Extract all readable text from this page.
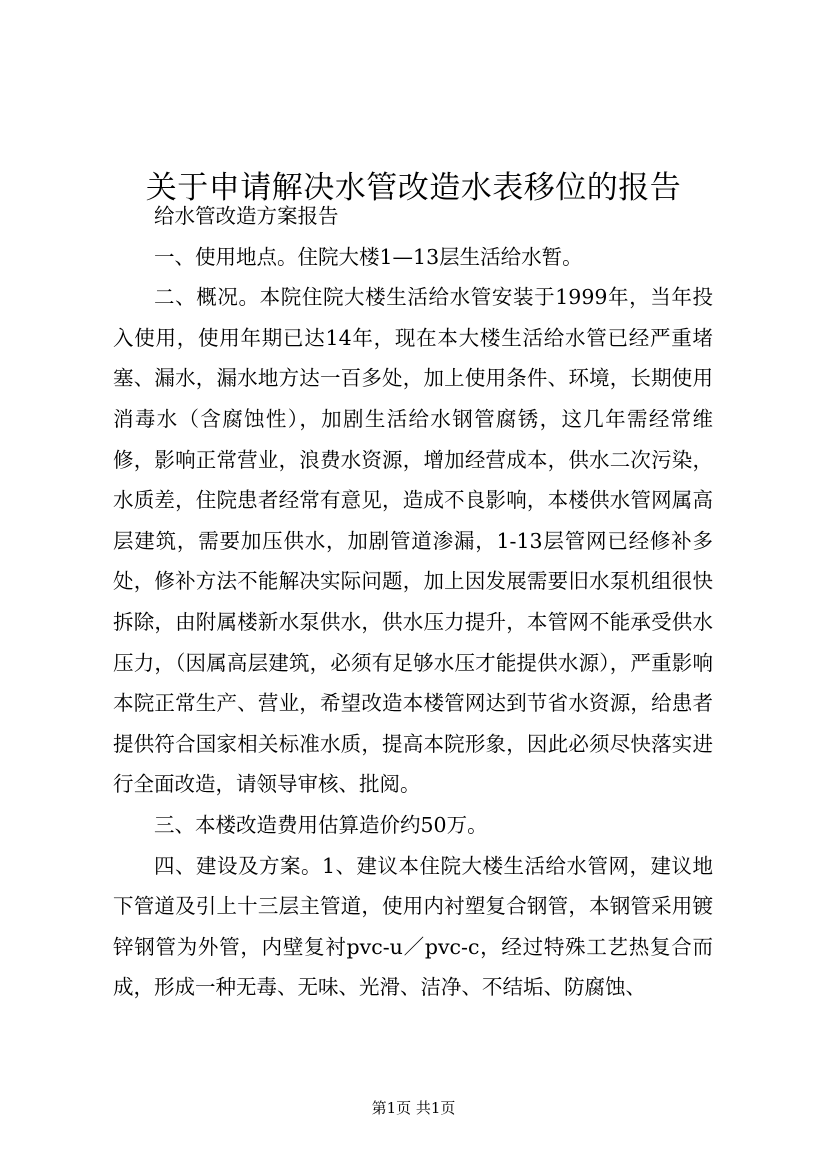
关于申请解决水管改造水表移位的报告

给水管改造方案报告

一、使用地点。住院大楼1—13层生活给水暂。

二、概况。本院住院大楼生活给水管安装于1999年，当年投入使用，使用年期已达14年，现在本大楼生活给水管已经严重堵塞、漏水，漏水地方达一百多处，加上使用条件、环境，长期使用消毒水（含腐蚀性），加剧生活给水钢管腐锈，这几年需经常维修，影响正常营业，浪费水资源，增加经营成本，供水二次污染，水质差，住院患者经常有意见，造成不良影响，本楼供水管网属高层建筑，需要加压供水，加剧管道渗漏，1-13层管网已经修补多处，修补方法不能解决实际问题，加上因发展需要旧水泵机组很快拆除，由附属楼新水泵供水，供水压力提升，本管网不能承受供水压力，（因属高层建筑，必须有足够水压才能提供水源），严重影响本院正常生产、营业，希望改造本楼管网达到节省水资源，给患者提供符合国家相关标准水质，提高本院形象，因此必须尽快落实进行全面改造，请领导审核、批阅。

三、本楼改造费用估算造价约50万。

四、建设及方案。1、建议本住院大楼生活给水管网，建议地下管道及引上十三层主管道，使用内衬塑复合钢管，本钢管采用镀锌钢管为外管，内壁复衬pvc-u／pvc-c，经过特殊工艺热复合而成，形成一种无毒、无味、光滑、洁净、不结垢、防腐蚀、

第1页 共1页
